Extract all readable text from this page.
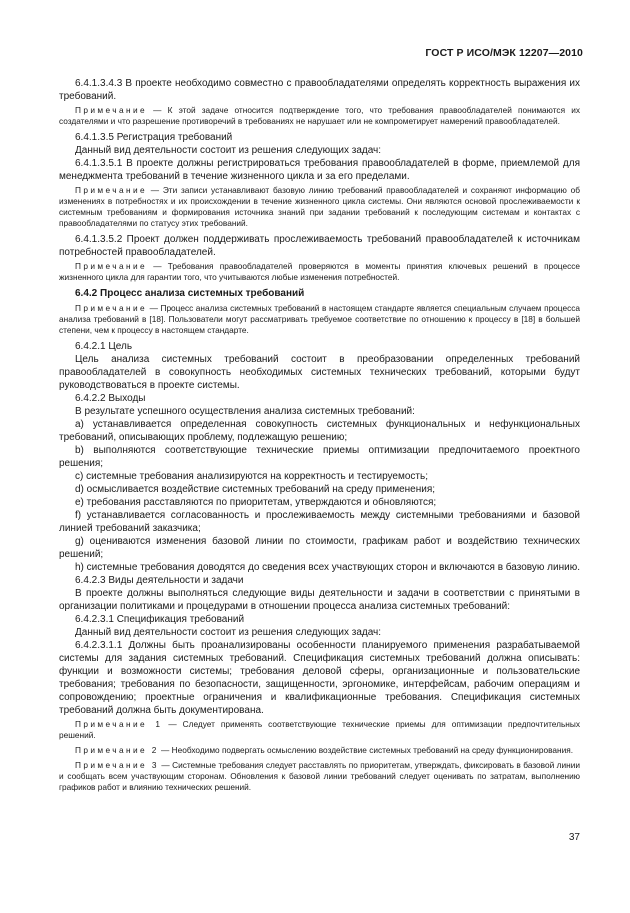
ГОСТ Р ИСО/МЭК 12207—2010

6.4.1.3.4.3 В проекте необходимо совместно с правообладателями определять корректность выражения их требований.

Примечание — К этой задаче относится подтверждение того, что требования правообладателей понимаются их создателями и что разрешение противоречий в требованиях не нарушает или не компрометирует намерений правообладателей.

6.4.1.3.5 Регистрация требований

Данный вид деятельности состоит из решения следующих задач:

6.4.1.3.5.1 В проекте должны регистрироваться требования правообладателей в форме, приемлемой для менеджмента требований в течение жизненного цикла и за его пределами.

Примечание — Эти записи устанавливают базовую линию требований правообладателей и сохраняют информацию об изменениях в потребностях и их происхождении в течение жизненного цикла системы. Они являются основой прослеживаемости к системным требованиям и формирования источника знаний при задании требований к последующим системам и контактах с правообладателями по статусу этих требований.

6.4.1.3.5.2 Проект должен поддерживать прослеживаемость требований правообладателей к источникам потребностей правообладателей.

Примечание — Требования правообладателей проверяются в моменты принятия ключевых решений в процессе жизненного цикла для гарантии того, что учитываются любые изменения потребностей.

6.4.2 Процесс анализа системных требований

Примечание — Процесс анализа системных требований в настоящем стандарте является специальным случаем процесса анализа требований в [18]. Пользователи могут рассматривать требуемое соответствие по отношению к процессу в [18] в большей степени, чем к процессу в настоящем стандарте.

6.4.2.1 Цель

Цель анализа системных требований состоит в преобразовании определенных требований правообладателей в совокупность необходимых системных технических требований, которыми будут руководствоваться в проекте системы.

6.4.2.2 Выходы

В результате успешного осуществления анализа системных требований:

a) устанавливается определенная совокупность системных функциональных и нефункциональных требований, описывающих проблему, подлежащую решению;

b) выполняются соответствующие технические приемы оптимизации предпочитаемого проектного решения;

c) системные требования анализируются на корректность и тестируемость;

d) осмысливается воздействие системных требований на среду применения;

e) требования расставляются по приоритетам, утверждаются и обновляются;

f) устанавливается согласованность и прослеживаемость между системными требованиями и базовой линией требований заказчика;

g) оцениваются изменения базовой линии по стоимости, графикам работ и воздействию технических решений;

h) системные требования доводятся до сведения всех участвующих сторон и включаются в базовую линию.

6.4.2.3 Виды деятельности и задачи

В проекте должны выполняться следующие виды деятельности и задачи в соответствии с принятыми в организации политиками и процедурами в отношении процесса анализа системных требований:

6.4.2.3.1 Спецификация требований

Данный вид деятельности состоит из решения следующих задач:

6.4.2.3.1.1 Должны быть проанализированы особенности планируемого применения разрабатываемой системы для задания системных требований. Спецификация системных требований должна описывать: функции и возможности системы; требования деловой сферы, организационные и пользовательские требования; требования по безопасности, защищенности, эргономике, интерфейсам, рабочим операциям и сопровождению; проектные ограничения и квалификационные требования. Спецификация системных требований должна быть документирована.

Примечание 1 — Следует применять соответствующие технические приемы для оптимизации предпочтительных решений.

Примечание 2 — Необходимо подвергать осмыслению воздействие системных требований на среду функционирования.

Примечание 3 — Системные требования следует расставлять по приоритетам, утверждать, фиксировать в базовой линии и сообщать всем участвующим сторонам. Обновления к базовой линии требований следует оценивать по затратам, выполнению графиков работ и влиянию технических решений.

37
